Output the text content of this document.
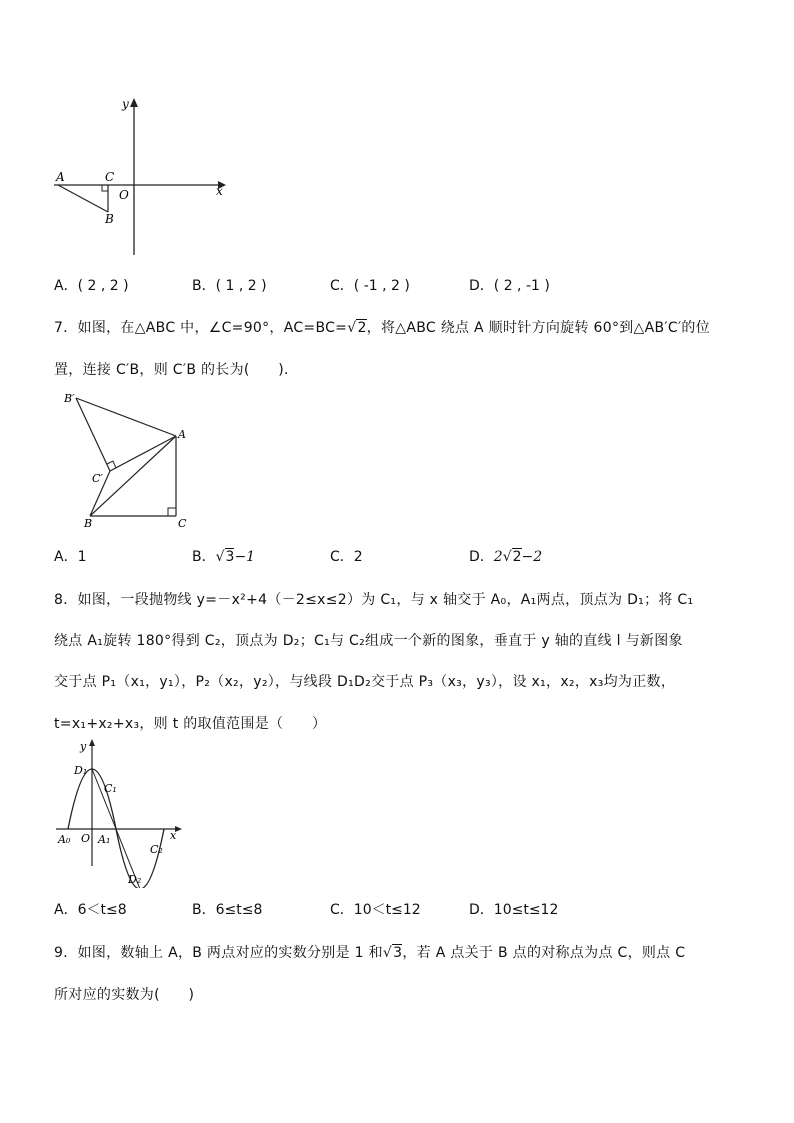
y
x
A	C
O
B
A．( 2 , 2 )	B．( 1 , 2 )	C．( -1 , 2 )	D．( 2 , -1 )
7．如图，在△ABC 中，∠C=90°，AC=BC=√2，将△ABC 绕点 A 顺时针方向旋转 60°到△AB′C′的位
置，连接 C′B，则 C′B 的长为(　　)．
B′
A
C′
B	C
A．1	B．√3−1	C．2	D．2√2−2
8．如图，一段抛物线 y=－x²+4（－2≤x≤2）为 C₁，与 x 轴交于 A₀，A₁两点，顶点为 D₁；将 C₁
绕点 A₁旋转 180°得到 C₂，顶点为 D₂；C₁与 C₂组成一个新的图象，垂直于 y 轴的直线 l 与新图象
交于点 P₁（x₁，y₁），P₂（x₂，y₂），与线段 D₁D₂交于点 P₃（x₃，y₃），设 x₁，x₂，x₃均为正数，
t=x₁+x₂+x₃，则 t 的取值范围是（　　）
y
x
D₁
C₁
A₀ O A₁
C₂
D₂
A．6＜t≤8	B．6≤t≤8	C．10＜t≤12	D．10≤t≤12
9．如图，数轴上 A，B 两点对应的实数分别是 1 和√3，若 A 点关于 B 点的对称点为点 C，则点 C
所对应的实数为(　　)
